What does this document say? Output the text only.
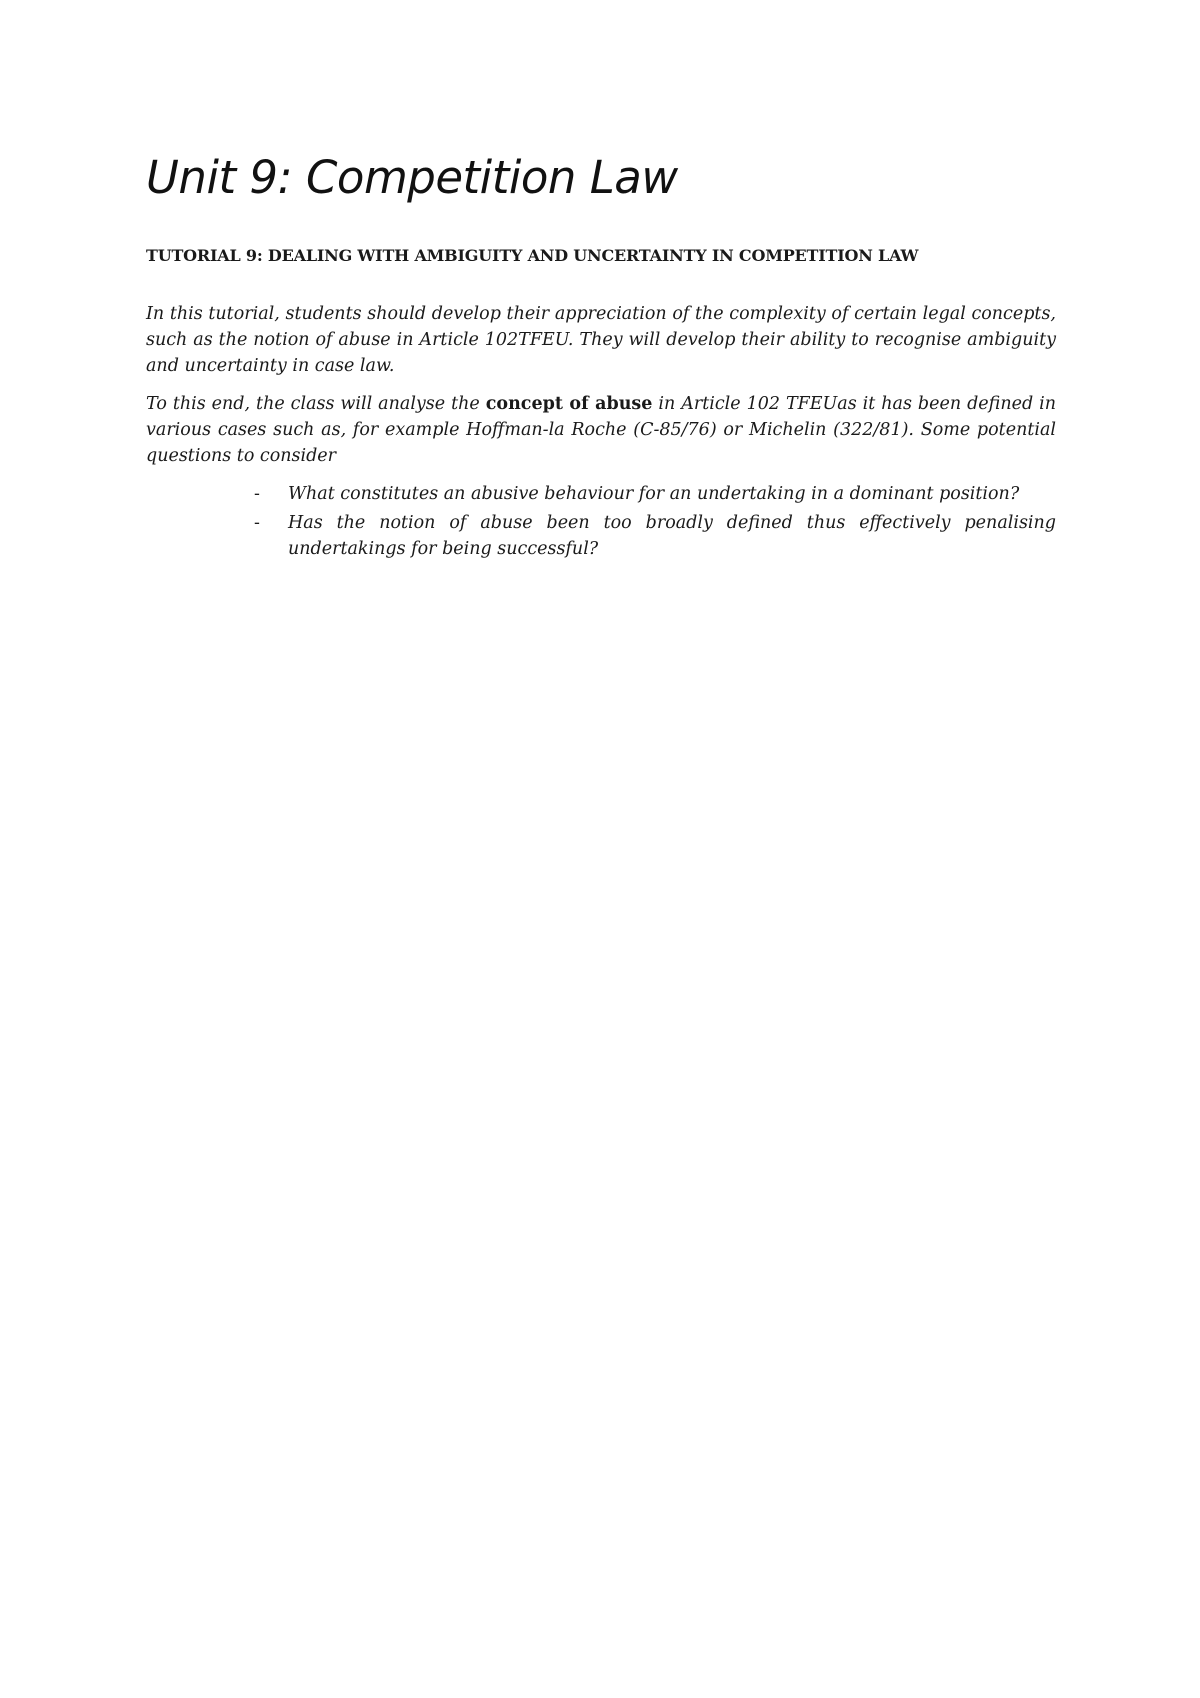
Unit 9: Competition Law
TUTORIAL 9: DEALING WITH AMBIGUITY AND UNCERTAINTY IN COMPETITION LAW

In this tutorial, students should develop their appreciation of the complexity of certain legal concepts, such as the notion of abuse in Article 102TFEU. They will develop their ability to recognise ambiguity and uncertainty in case law.

To this end, the class will analyse the concept of abuse in Article 102 TFEUas it has been defined in various cases such as, for example Hoffman-la Roche (C-85/76) or Michelin (322/81). Some potential questions to consider

- What constitutes an abusive behaviour for an undertaking in a dominant position?
- Has the notion of abuse been too broadly defined thus effectively penalising undertakings for being successful?
